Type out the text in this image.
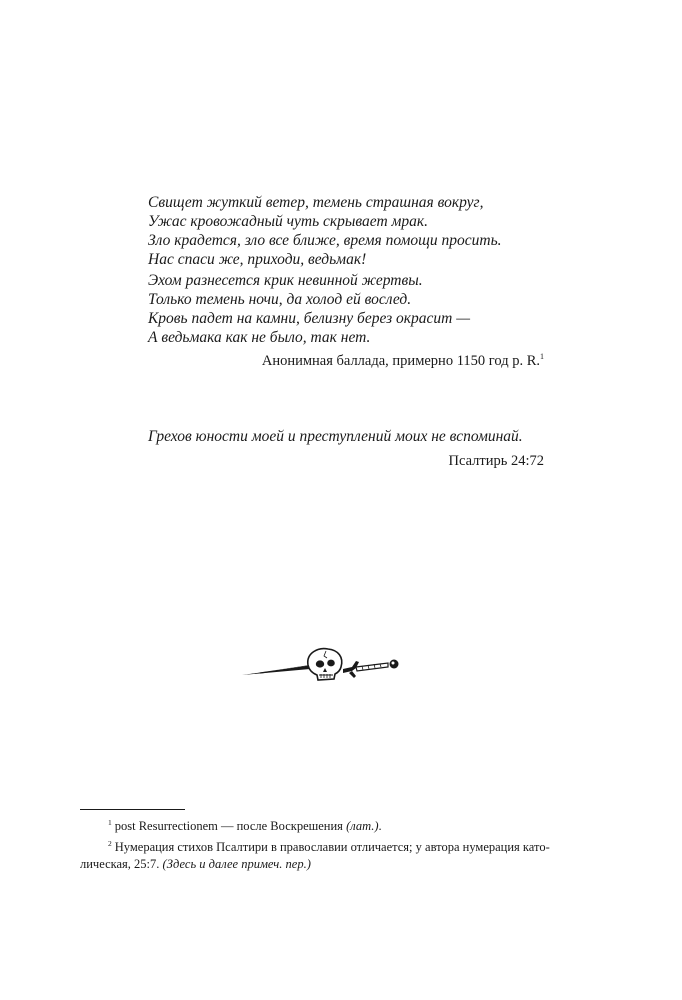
Свищет жуткий ветер, темень страшная вокруг,
Ужас кровожадный чуть скрывает мрак.
Зло крадется, зло все ближе, время помощи просить.
Нас спаси же, приходи, ведьмак!
Эхом разнесется крик невинной жертвы.
Только темень ночи, да холод ей вослед.
Кровь падет на камни, белизну берез окрасит —
А ведьмака как не было, так нет.
Анонимная баллада, примерно 1150 год p. R.$^1$
Грехов юности моей и преступлений моих не вспоминай.
Псалтирь 24:72

$^1$ post Resurrectionem — после Воскрешения (лат.).

$^2$ Нумерация стихов Псалтири в православии отличается; у автора нумерация като-

лическая, 25:7. (Здесь и далее примеч. пер.)
